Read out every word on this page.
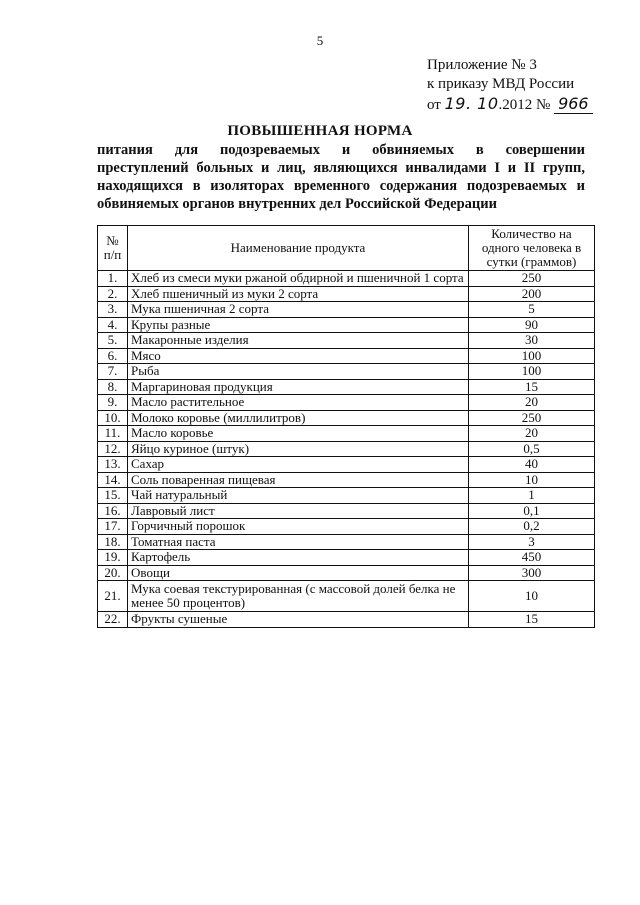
5
Приложение № 3
к приказу МВД России
от 19. 10.2012 № 966
ПОВЫШЕННАЯ НОРМА
питания для подозреваемых и обвиняемых в совершении
преступлений больных и лиц, являющихся инвалидами I и II групп,
находящихся в изоляторах временного содержания подозреваемых и
обвиняемых органов внутренних дел Российской Федерации
№ п/п	Наименование продукта	Количество на одного человека в сутки (граммов)
1.	Хлеб из смеси муки ржаной обдирной и пшеничной 1 сорта	250
2.	Хлеб пшеничный из муки 2 сорта	200
3.	Мука пшеничная 2 сорта	5
4.	Крупы разные	90
5.	Макаронные изделия	30
6.	Мясо	100
7.	Рыба	100
8.	Маргариновая продукция	15
9.	Масло растительное	20
10.	Молоко коровье (миллилитров)	250
11.	Масло коровье	20
12.	Яйцо куриное (штук)	0,5
13.	Сахар	40
14.	Соль поваренная пищевая	10
15.	Чай натуральный	1
16.	Лавровый лист	0,1
17.	Горчичный порошок	0,2
18.	Томатная паста	3
19.	Картофель	450
20.	Овощи	300
21.	Мука соевая текстурированная (с массовой долей белка не менее 50 процентов)	10
22.	Фрукты сушеные	15
